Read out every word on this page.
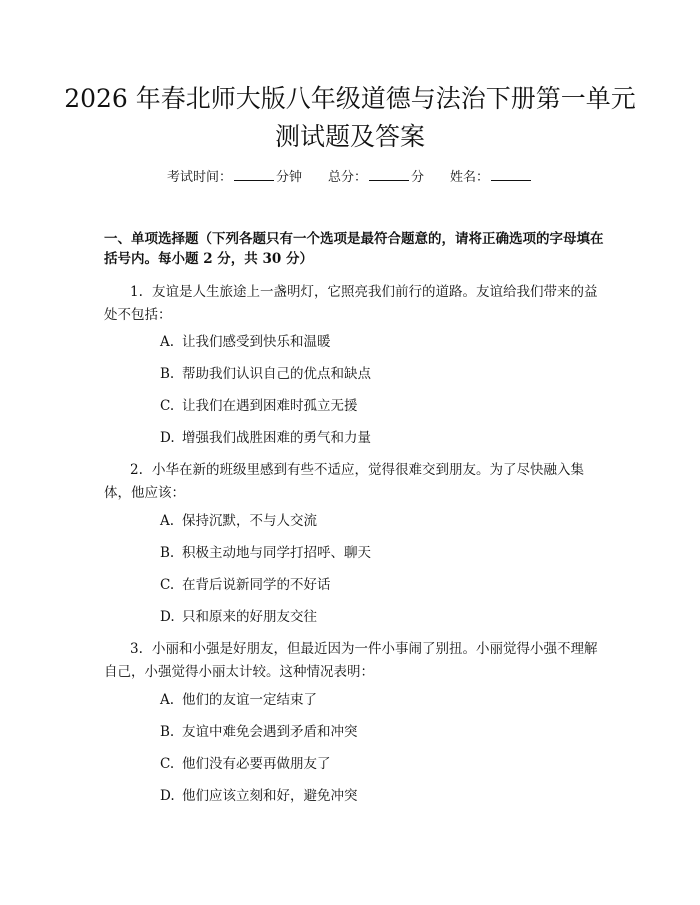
2026 年春北师大版八年级道德与法治下册第一单元测试题及答案
考试时间：	分钟 总分：	分 姓名：

一、单项选择题（下列各题只有一个选项是最符合题意的，请将正确选项的字母填在括号内。每小题 2 分，共 30 分）

1. 友谊是人生旅途上一盏明灯，它照亮我们前行的道路。友谊给我们带来的益处不包括：

A. 让我们感受到快乐和温暖
B. 帮助我们认识自己的优点和缺点
C. 让我们在遇到困难时孤立无援
D. 增强我们战胜困难的勇气和力量

2. 小华在新的班级里感到有些不适应，觉得很难交到朋友。为了尽快融入集体，他应该：

A. 保持沉默，不与人交流
B. 积极主动地与同学打招呼、聊天
C. 在背后说新同学的不好话
D. 只和原来的好朋友交往

3. 小丽和小强是好朋友，但最近因为一件小事闹了别扭。小丽觉得小强不理解自己，小强觉得小丽太计较。这种情况表明：

A. 他们的友谊一定结束了
B. 友谊中难免会遇到矛盾和冲突
C. 他们没有必要再做朋友了
D. 他们应该立刻和好，避免冲突
